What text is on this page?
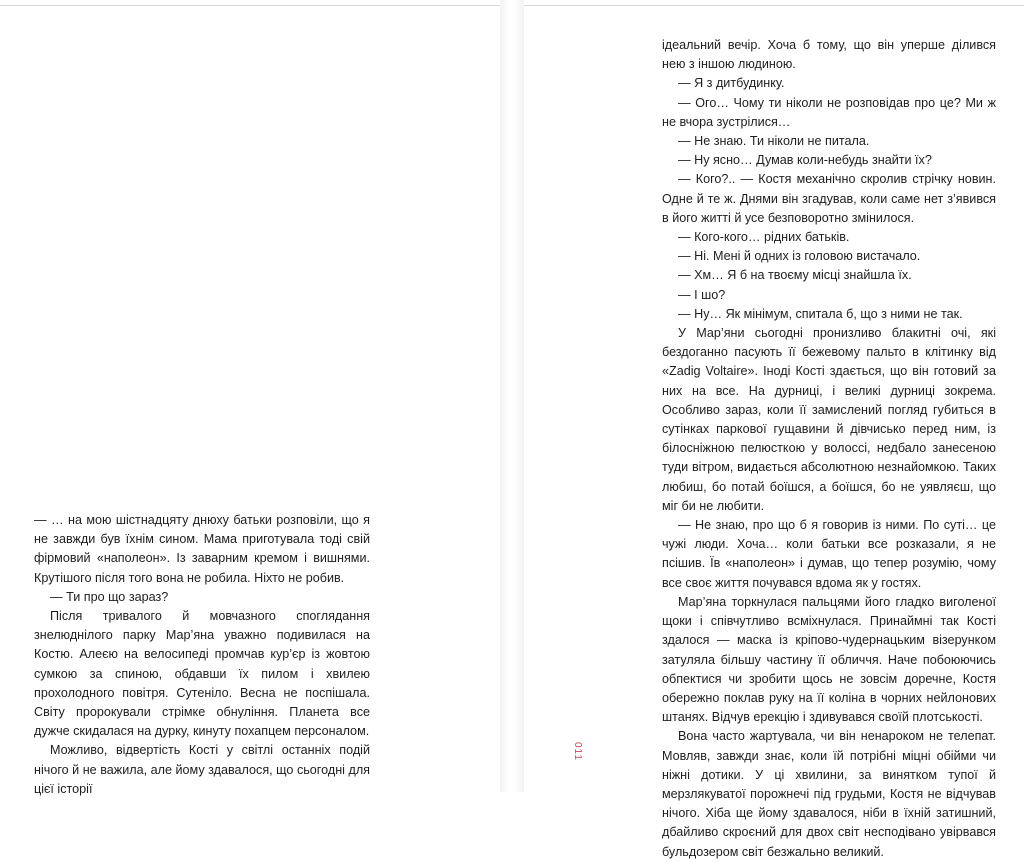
— … на мою шістнадцяту днюху батьки розповіли, що я не завжди був їхнім сином. Мама приготувала тоді свій фірмовий «наполеон». Із заварним кремом і вишнями. Крутішого після того вона не робила. Ніхто не робив.

— Ти про що зараз?

Після тривалого й мовчазного споглядання знелюднілого парку Мар’яна уважно подивилася на Костю. Алеєю на велосипеді промчав кур’єр із жовтою сумкою за спиною, обдавши їх пилом і хвилею прохолодного повітря. Сутеніло. Весна не поспішала. Світу пророкували стрімке обнуління. Планета все дужче скидалася на дурку, кинуту похапцем персоналом.

Можливо, відвертість Кості у світлі останніх подій нічого й не важила, але йому здавалося, що сьогодні для цієї історії

011

ідеальний вечір. Хоча б тому, що він уперше ділився нею з іншою людиною.

— Я з дитбудинку.

— Ого… Чому ти ніколи не розповідав про це? Ми ж не вчора зустрілися…

— Не знаю. Ти ніколи не питала.

— Ну ясно… Думав коли-небудь знайти їх?

— Кого?.. — Костя механічно скролив стрічку новин. Одне й те ж. Днями він згадував, коли саме нет з’явився в його житті й усе безповоротно змінилося.

— Кого-кого… рідних батьків.

— Ні. Мені й одних із головою вистачало.

— Хм… Я б на твоєму місці знайшла їх.

— І шо?

— Ну… Як мінімум, спитала б, що з ними не так.

У Мар’яни сьогодні пронизливо блакитні очі, які бездоганно пасують її бежевому пальто в клітинку від «Zadig Voltaire». Іноді Кості здається, що він готовий за них на все. На дурниці, і великі дурниці зокрема. Особливо зараз, коли її замислений погляд губиться в сутінках паркової гущавини й дівчисько перед ним, із білосніжною пелюсткою у волоссі, недбало занесеною туди вітром, видається абсолютною незнайомкою. Таких любиш, бо потай боїшся, а боїшся, бо не уявляєш, що міг би не любити.

— Не знаю, про що б я говорив із ними. По суті… це чужі люди. Хоча… коли батьки все розказали, я не псішив. Їв «наполеон» і думав, що тепер розумію, чому все своє життя почувався вдома як у гостях.

Мар’яна торкнулася пальцями його гладко виголеної щоки і співчутливо всміхнулася. Принаймні так Кості здалося — маска із кріпово-чудернацьким візерунком затуляла більшу частину її обличчя. Наче побоюючись обпектися чи зробити щось не зовсім доречне, Костя обережно поклав руку на її коліна в чорних нейлонових штанях. Відчув ерекцію і здивувався своїй плотськості.

Вона часто жартувала, чи він ненароком не телепат. Мовляв, завжди знає, коли їй потрібні міцні обійми чи ніжні дотики. У ці хвилини, за винятком тупої й мерзлякуватої порожнечі під грудьми, Костя не відчував нічого. Хіба ще йому здавалося, ніби в їхній затишний, дбайливо скроєний для двох світ несподівано увірвався бульдозером світ безжально великий.
